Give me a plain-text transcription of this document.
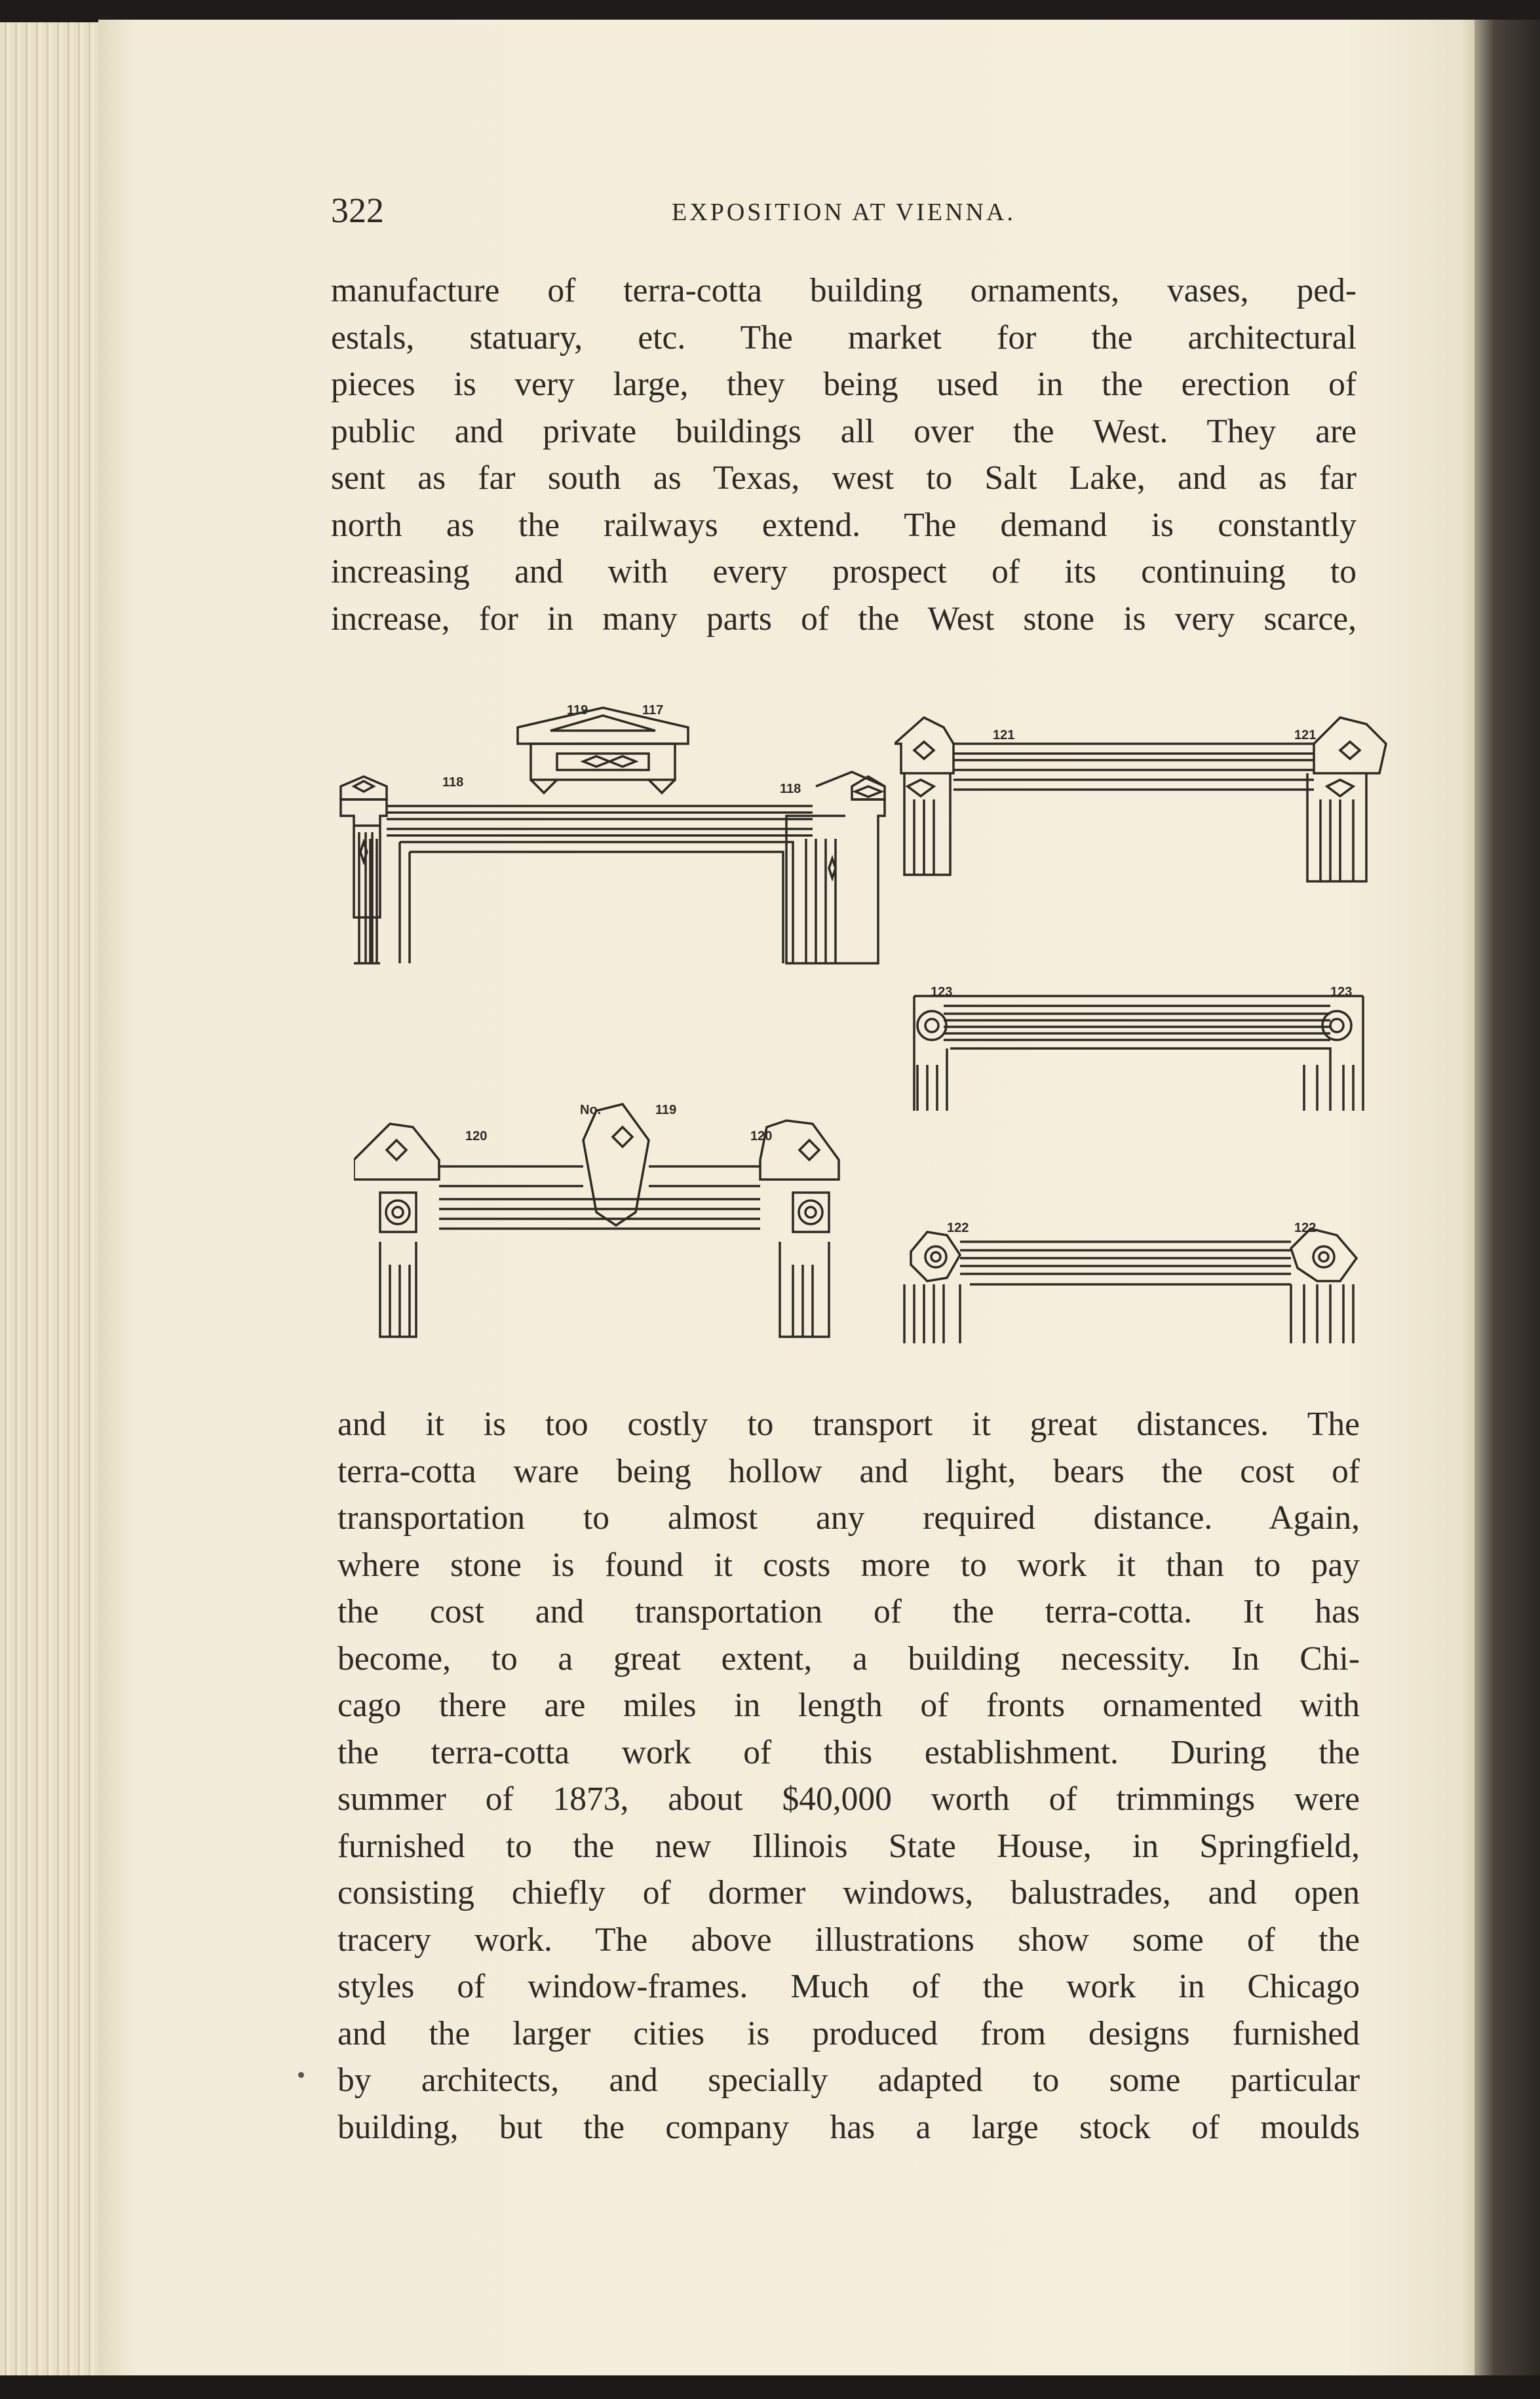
322	EXPOSITION AT VIENNA.
manufacture of terra-cotta building ornaments, vases, ped-
estals, statuary, etc. The market for the architectural
pieces is very large, they being used in the erection of
public and private buildings all over the West. They are
sent as far south as Texas, west to Salt Lake, and as far
north as the railways extend. The demand is constantly
increasing and with every prospect of its continuing to
increase, for in many parts of the West stone is very scarce,
119	117
118	118
121	121
123	123
120
No.	119
120
122	122
and it is too costly to transport it great distances. The
terra-cotta ware being hollow and light, bears the cost of
transportation to almost any required distance. Again,
where stone is found it costs more to work it than to pay
the cost and transportation of the terra-cotta. It has
become, to a great extent, a building necessity. In Chi-
cago there are miles in length of fronts ornamented with
the terra-cotta work of this establishment. During the
summer of 1873, about $40,000 worth of trimmings were
furnished to the new Illinois State House, in Springfield,
consisting chiefly of dormer windows, balustrades, and open
tracery work. The above illustrations show some of the
styles of window-frames. Much of the work in Chicago
and the larger cities is produced from designs furnished
by architects, and specially adapted to some particular
building, but the company has a large stock of moulds
